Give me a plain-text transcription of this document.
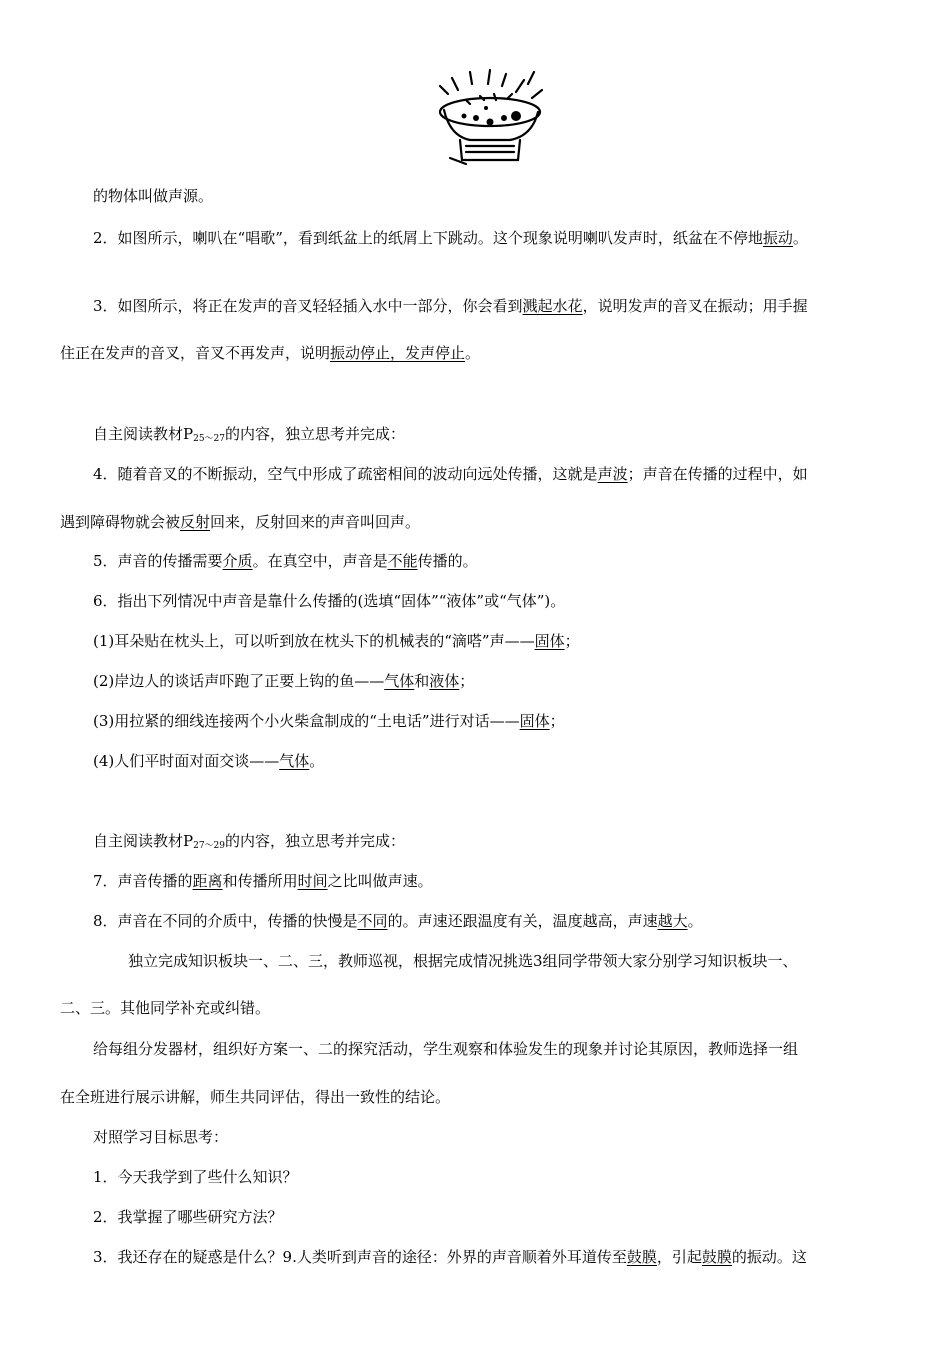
的物体叫做声源。
2．如图所示，喇叭在“唱歌”，看到纸盆上的纸屑上下跳动。这个现象说明喇叭发声时，纸盆在不停地振动。
3．如图所示，将正在发声的音叉轻轻插入水中一部分，你会看到溅起水花，说明发声的音叉在振动；用手握
住正在发声的音叉，音叉不再发声，说明振动停止，发声停止。
自主阅读教材$P_{25\sim 27}$的内容，独立思考并完成：
4．随着音叉的不断振动，空气中形成了疏密相间的波动向远处传播，这就是声波；声音在传播的过程中，如
遇到障碍物就会被反射回来，反射回来的声音叫回声。
5．声音的传播需要介质。在真空中，声音是不能传播的。
6．指出下列情况中声音是靠什么传播的(选填“固体”“液体”或“气体”)。
(1)耳朵贴在枕头上，可以听到放在枕头下的机械表的“滴嗒”声——固体；
(2)岸边人的谈话声吓跑了正要上钩的鱼——气体和液体；
(3)用拉紧的细线连接两个小火柴盒制成的“土电话”进行对话——固体；
(4)人们平时面对面交谈——气体。
自主阅读教材$P_{27\sim 29}$的内容，独立思考并完成：
7．声音传播的距离和传播所用时间之比叫做声速。
8．声音在不同的介质中，传播的快慢是不同的。声速还跟温度有关，温度越高，声速越大。
独立完成知识板块一、二、三，教师巡视，根据完成情况挑选3组同学带领大家分别学习知识板块一、
二、三。其他同学补充或纠错。
给每组分发器材，组织好方案一、二的探究活动，学生观察和体验发生的现象并讨论其原因，教师选择一组
在全班进行展示讲解，师生共同评估，得出一致性的结论。
对照学习目标思考：
1．今天我学到了些什么知识？
2．我掌握了哪些研究方法？
3．我还存在的疑惑是什么？9.人类听到声音的途径：外界的声音顺着外耳道传至鼓膜，引起鼓膜的振动。这
